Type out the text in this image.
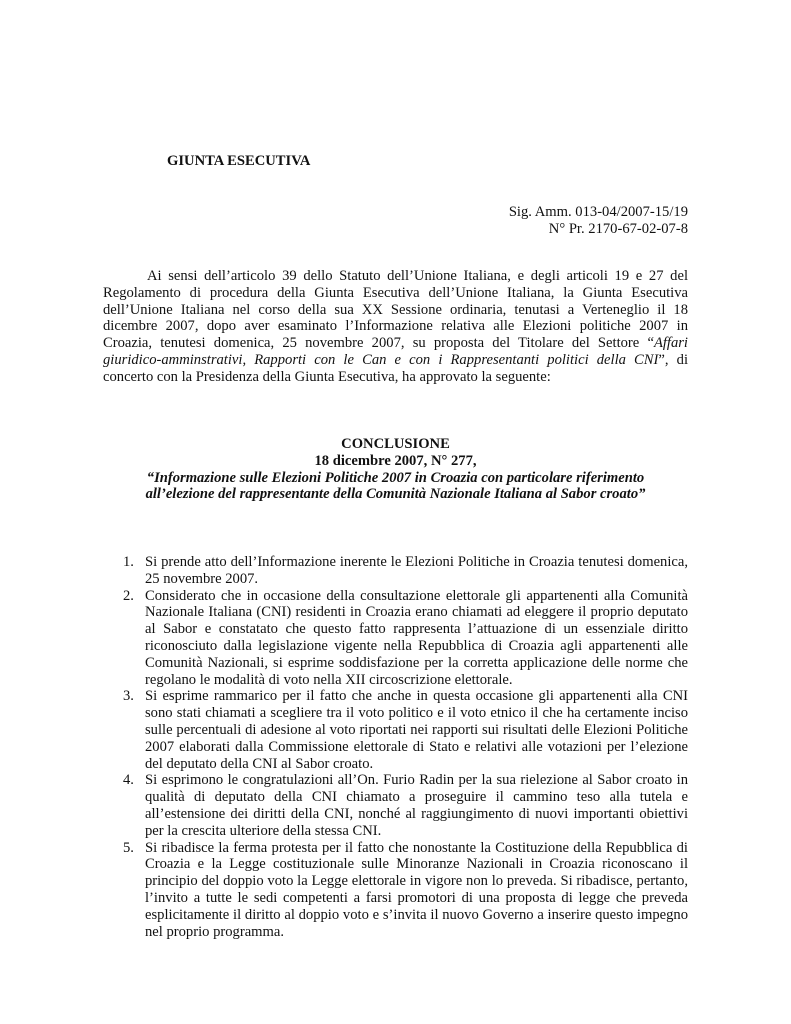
GIUNTA ESECUTIVA
Sig. Amm. 013-04/2007-15/19
N° Pr. 2170-67-02-07-8

Ai sensi dell’articolo 39 dello Statuto dell’Unione Italiana, e degli articoli 19 e 27 del Regolamento di procedura della Giunta Esecutiva dell’Unione Italiana, la Giunta Esecutiva dell’Unione Italiana nel corso della sua XX Sessione ordinaria, tenutasi a Verteneglio il 18 dicembre 2007, dopo aver esaminato l’Informazione relativa alle Elezioni politiche 2007 in Croazia, tenutesi domenica, 25 novembre 2007, su proposta del Titolare del Settore “Affari giuridico-amminstrativi, Rapporti con le Can e con i Rappresentanti politici della CNI”, di concerto con la Presidenza della Giunta Esecutiva, ha approvato la seguente:

CONCLUSIONE
18 dicembre 2007, N° 277,
“Informazione sulle Elezioni Politiche 2007 in Croazia con particolare riferimento
all’elezione del rappresentante della Comunità Nazionale Italiana al Sabor croato”
1. Si prende atto dell’Informazione inerente le Elezioni Politiche in Croazia tenutesi domenica, 25 novembre 2007.
2. Considerato che in occasione della consultazione elettorale gli appartenenti alla Comunità Nazionale Italiana (CNI) residenti in Croazia erano chiamati ad eleggere il proprio deputato al Sabor e constatato che questo fatto rappresenta l’attuazione di un essenziale diritto riconosciuto dalla legislazione vigente nella Repubblica di Croazia agli appartenenti alle Comunità Nazionali, si esprime soddisfazione per la corretta applicazione delle norme che regolano le modalità di voto nella XII circoscrizione elettorale.
3. Si esprime rammarico per il fatto che anche in questa occasione gli appartenenti alla CNI sono stati chiamati a scegliere tra il voto politico e il voto etnico il che ha certamente inciso sulle percentuali di adesione al voto riportati nei rapporti sui risultati delle Elezioni Politiche 2007 elaborati dalla Commissione elettorale di Stato e relativi alle votazioni per l’elezione del deputato della CNI al Sabor croato.
4. Si esprimono le congratulazioni all’On. Furio Radin per la sua rielezione al Sabor croato in qualità di deputato della CNI chiamato a proseguire il cammino teso alla tutela e all’estensione dei diritti della CNI, nonché al raggiungimento di nuovi importanti obiettivi per la crescita ulteriore della stessa CNI.
5. Si ribadisce la ferma protesta per il fatto che nonostante la Costituzione della Repubblica di Croazia e la Legge costituzionale sulle Minoranze Nazionali in Croazia riconoscano il principio del doppio voto la Legge elettorale in vigore non lo preveda. Si ribadisce, pertanto, l’invito a tutte le sedi competenti a farsi promotori di una proposta di legge che preveda esplicitamente il diritto al doppio voto e s’invita il nuovo Governo a inserire questo impegno nel proprio programma.
